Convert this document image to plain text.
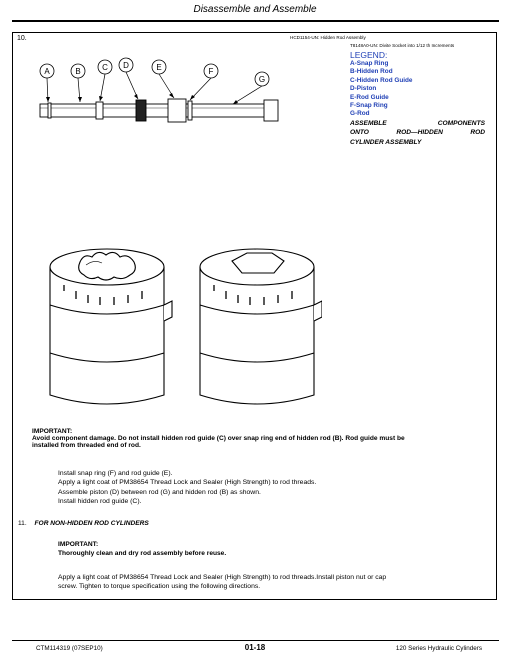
Disassemble and Assemble
10.
A	B	C D	E	F
G
HCD1154-UN: Hidden Rod Assembly
T8148A0-UN: Divite Socket into 1/12 th Increments
LEGEND:
A-Snap Ring
B-Hidden Rod
C-Hidden Rod Guide
D-Piston
E-Rod Guide
F-Snap Ring
G-Rod
ASSEMBLE COMPONENTS
ONTO ROD—HIDDEN ROD
CYLINDER ASSEMBLY
IMPORTANT:
Avoid component damage. Do not install hidden rod guide (C) over snap ring end of hidden rod (B). Rod guide must be
installed from threaded end of rod.
Install snap ring (F) and rod guide (E).
Apply a light coat of PM38654 Thread Lock and Sealer (High Strength) to rod threads.
Assemble piston (D) between rod (G) and hidden rod (B) as shown.
Install hidden rod guide (C).
11. FOR NON-HIDDEN ROD CYLINDERS
IMPORTANT:
Thoroughly clean and dry rod assembly before reuse.
Apply a light coat of PM38654 Thread Lock and Sealer (High Strength) to rod threads.Install piston nut or cap
screw. Tighten to torque specification using the following directions.
CTM114319 (07SEP10)	01-18	120 Series Hydraulic Cylinders
